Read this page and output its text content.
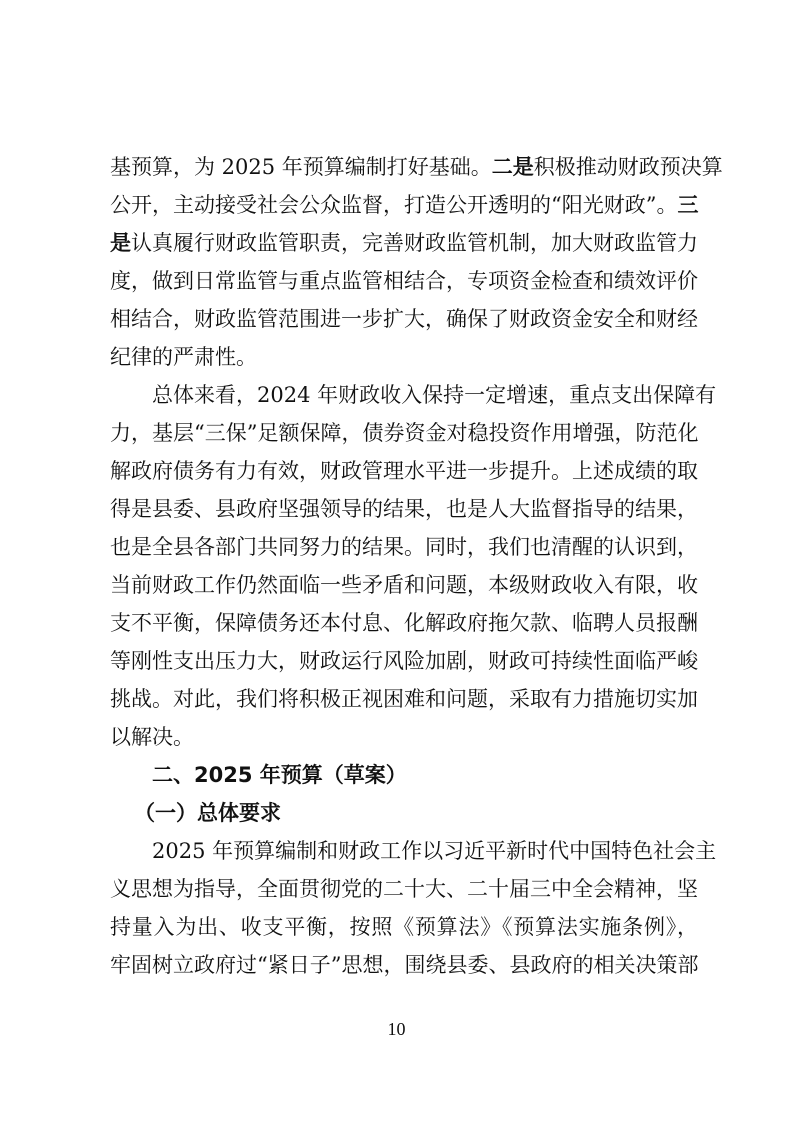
基预算，为 2025 年预算编制打好基础。二是积极推动财政预决算
公开，主动接受社会公众监督，打造公开透明的“阳光财政”。三
是认真履行财政监管职责，完善财政监管机制，加大财政监管力
度，做到日常监管与重点监管相结合，专项资金检查和绩效评价
相结合，财政监管范围进一步扩大，确保了财政资金安全和财经
纪律的严肃性。
总体来看，2024 年财政收入保持一定增速，重点支出保障有
力，基层“三保”足额保障，债券资金对稳投资作用增强，防范化
解政府债务有力有效，财政管理水平进一步提升。上述成绩的取
得是县委、县政府坚强领导的结果，也是人大监督指导的结果，
也是全县各部门共同努力的结果。同时，我们也清醒的认识到，
当前财政工作仍然面临一些矛盾和问题，本级财政收入有限，收
支不平衡，保障债务还本付息、化解政府拖欠款、临聘人员报酬
等刚性支出压力大，财政运行风险加剧，财政可持续性面临严峻
挑战。对此，我们将积极正视困难和问题，采取有力措施切实加
以解决。
二、2025 年预算（草案）
（一）总体要求
2025 年预算编制和财政工作以习近平新时代中国特色社会主
义思想为指导，全面贯彻党的二十大、二十届三中全会精神，坚
持量入为出、收支平衡，按照《预算法》《预算法实施条例》，
牢固树立政府过“紧日子”思想，围绕县委、县政府的相关决策部
10
